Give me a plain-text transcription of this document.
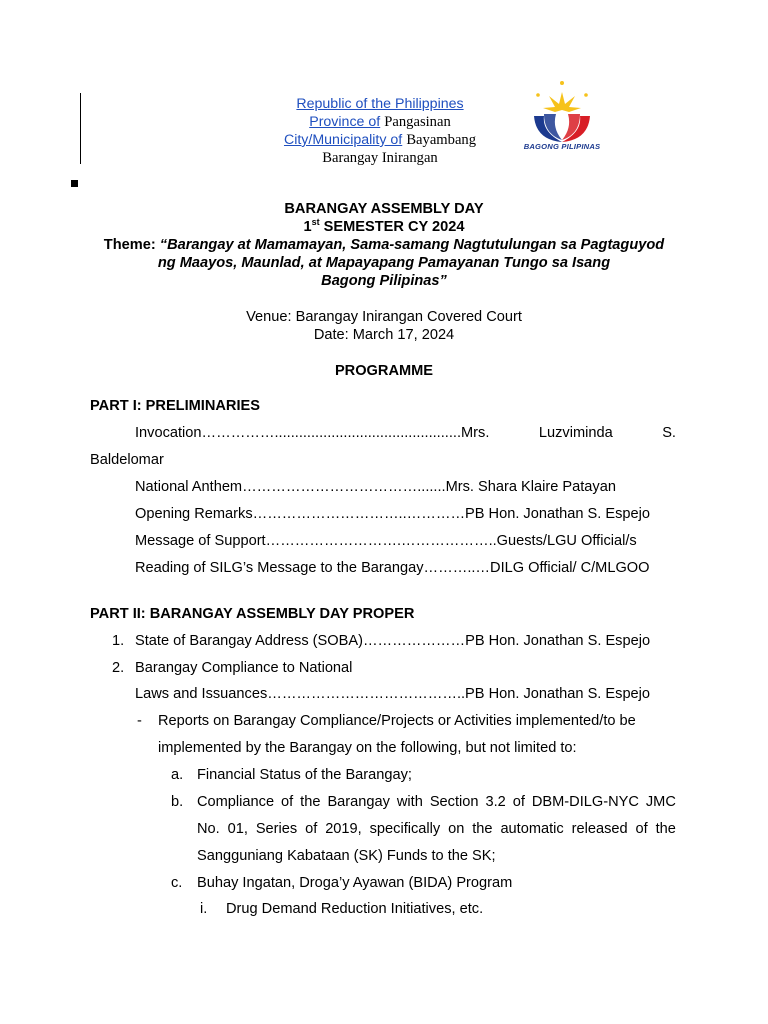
Republic of the Philippines
Province of Pangasinan
City/Municipality of Bayambang
Barangay Inirangan
BAGONG PILIPINAS
BARANGAY ASSEMBLY DAY
1st SEMESTER CY 2024
Theme: “Barangay at Mamamayan, Sama-samang Nagtutulungan sa Pagtaguyod
ng Maayos, Maunlad, at Mapayapang Pamayanan Tungo sa Isang
Bagong Pilipinas”
Venue: Barangay Inirangan Covered Court
Date: March 17, 2024
PROGRAMME
PART I: PRELIMINARIES
Invocation……………..............................................Mrs.	Luzviminda	S.
Baldelomar
National Anthem……………………………….......Mrs. Shara Klaire Patayan
Opening Remarks…………………………..…………PB Hon. Jonathan S. Espejo
Message of Support……………………….………………..Guests/LGU Official/s
Reading of SILG’s Message to the Barangay………..…DILG Official/ C/MLGOO
PART II: BARANGAY ASSEMBLY DAY PROPER
1. State of Barangay Address (SOBA)…………………PB Hon. Jonathan S. Espejo
2. Barangay Compliance to National
Laws and Issuances…………………………………..PB Hon. Jonathan S. Espejo
- Reports on Barangay Compliance/Projects or Activities implemented/to be
implemented by the Barangay on the following, but not limited to:
a. Financial Status of the Barangay;
b. Compliance of the Barangay with Section 3.2 of DBM-DILG-NYC JMC
No. 01, Series of 2019, specifically on the automatic released of the
Sangguniang Kabataan (SK) Funds to the SK;
c. Buhay Ingatan, Droga’y Ayawan (BIDA) Program
i. Drug Demand Reduction Initiatives, etc.
